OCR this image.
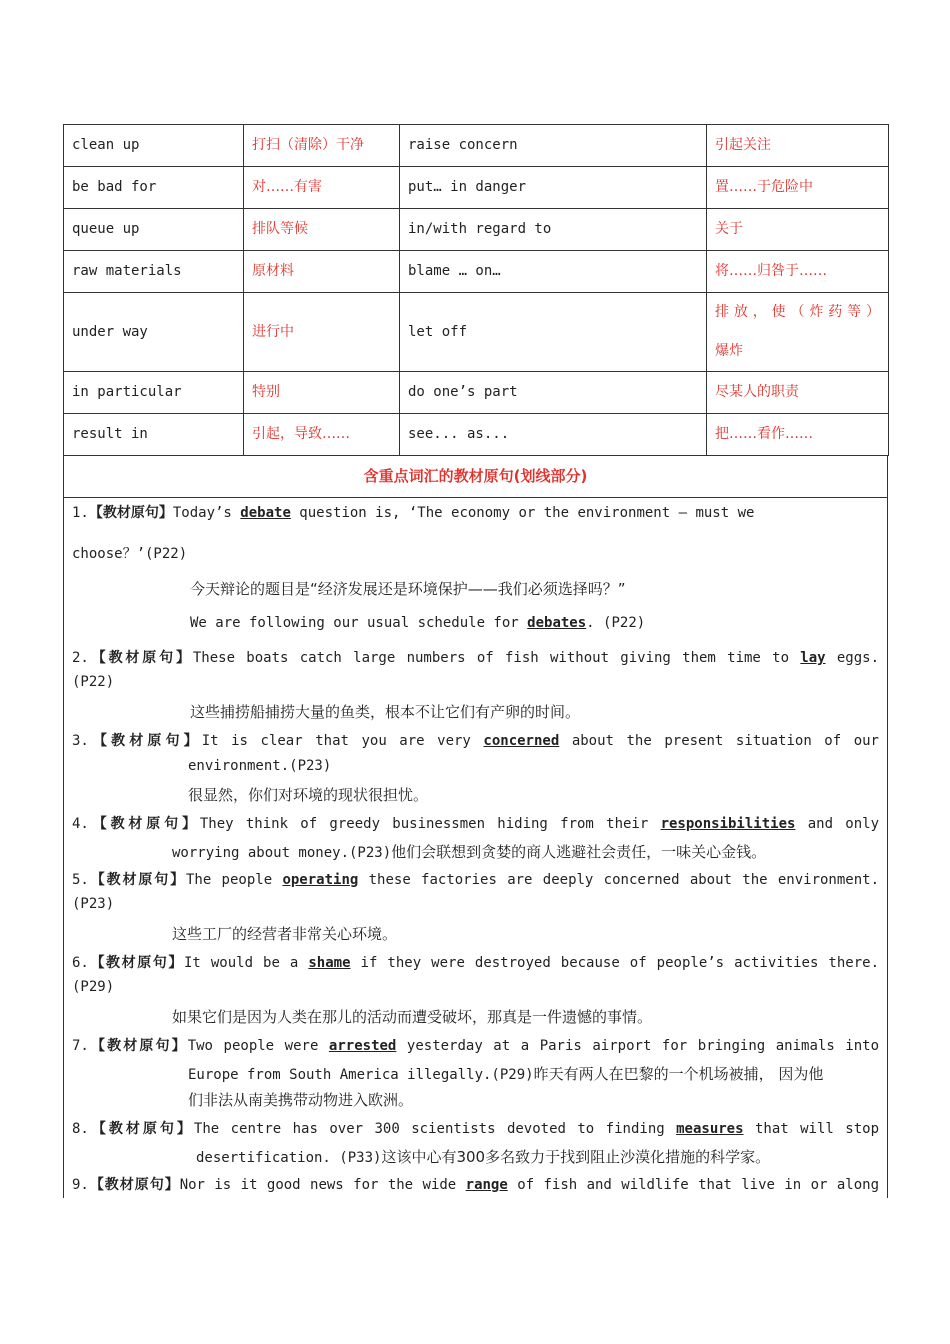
clean up	打扫（清除）干净	raise concern	引起关注
be bad for	对……有害	put… in danger	置……于危险中
queue up	排队等候	in/with regard to	关于
raw materials	原材料	blame … on…	将……归咎于……
under way	进行中	let off	排放，使（炸药等）
爆炸

in particular	特别	do one’s part	尽某人的职责
result in	引起，导致……	see... as...	把……看作……
含重点词汇的教材原句(划线部分)
1.【教材原句】Today’s debate question is, ‘The economy or the environment — must we
choose？’(P22)
今天辩论的题目是“经济发展还是环境保护——我们必须选择吗？”
We are following our usual schedule for debates. (P22)
2.【教材原句】These boats catch large numbers of fish without giving them time to lay eggs.
(P22)
这些捕捞船捕捞大量的鱼类，根本不让它们有产卵的时间。
3.【教材原句】It is clear that you are very concerned about the present situation of our
environment.(P23)
很显然，你们对环境的现状很担忧。
4.【教材原句】They think of greedy businessmen hiding from their responsibilities and only
worrying about money.(P23)他们会联想到贪婪的商人逃避社会责任，一味关心金钱。
5.【教材原句】The people operating these factories are deeply concerned about the environment.
(P23)
这些工厂的经营者非常关心环境。
6.【教材原句】It would be a shame if they were destroyed because of people’s activities there.
(P29)
如果它们是因为人类在那儿的活动而遭受破坏，那真是一件遗憾的事情。
7.【教材原句】Two people were arrested yesterday at a Paris airport for bringing animals into
Europe from South America illegally.(P29)昨天有两人在巴黎的一个机场被捕， 因为他
们非法从南美携带动物进入欧洲。
8.【教材原句】The centre has over 300 scientists devoted to finding measures that will stop
desertification. (P33)这该中心有300多名致力于找到阻止沙漠化措施的科学家。
9.【教材原句】Nor is it good news for the wide range of fish and wildlife that live in or along
